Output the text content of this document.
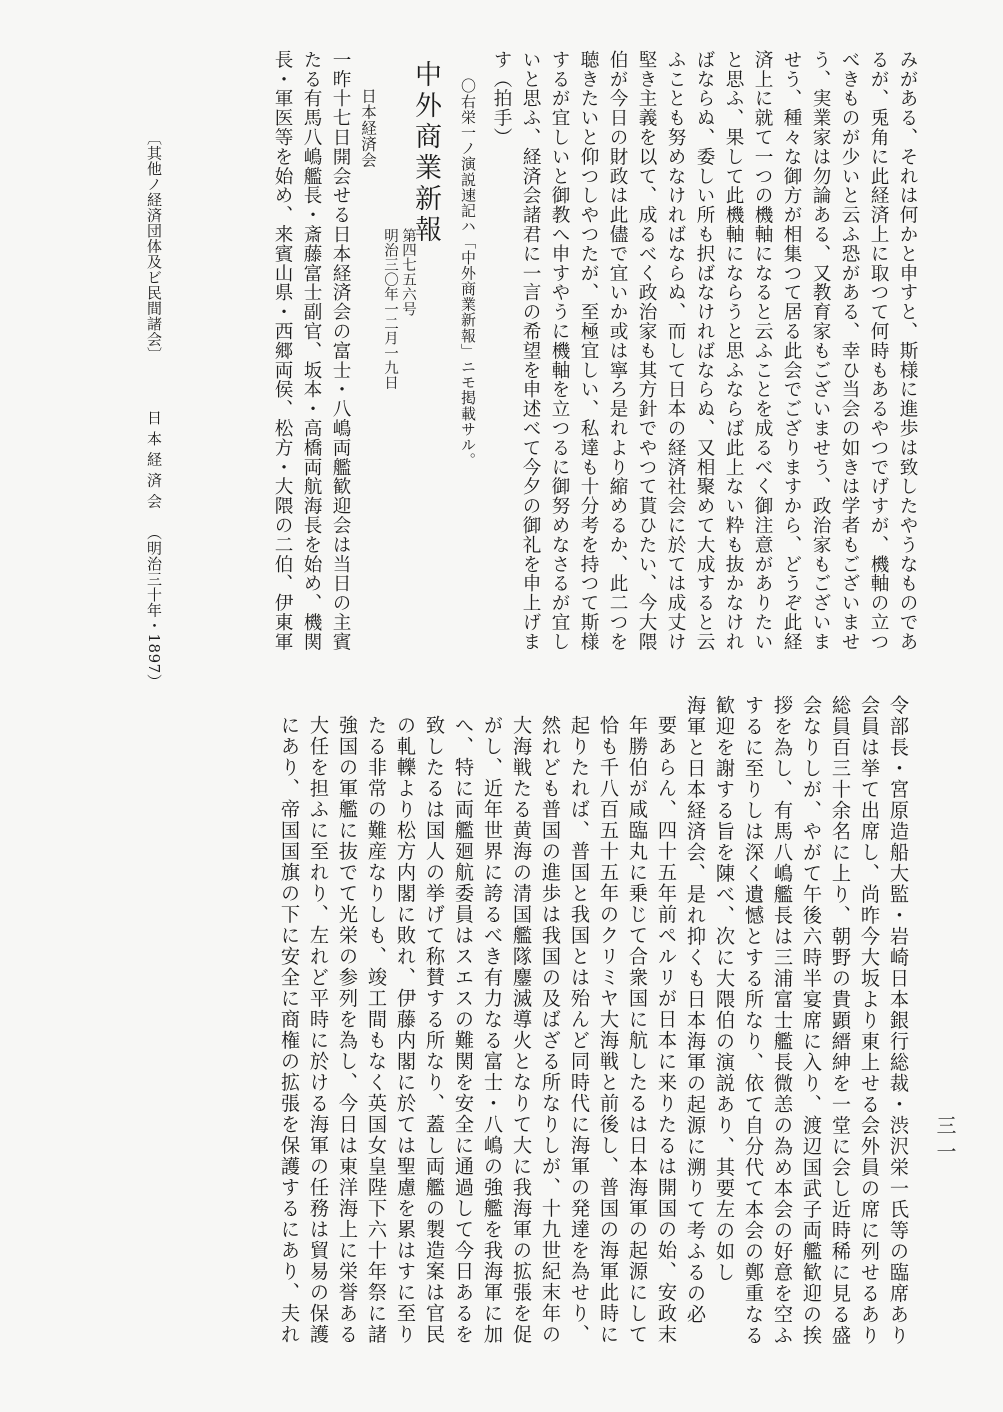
みがある、それは何かと申すと、斯様に進歩は致したやうなものであ
るが、兎角に此経済上に取つて何時もあるやつでげすが、機軸の立つ
べきものが少いと云ふ恐がある、幸ひ当会の如きは学者もございませ
う、実業家は勿論ある、又教育家もございませう、政治家もございま
せう、種々な御方が相集つて居る此会でござりますから、どうぞ此経
済上に就て一つの機軸になると云ふことを成るべく御注意がありたい
と思ふ、果して此機軸にならうと思ふならば此上ない粋も抜かなけれ
ばならぬ、委しい所も択ばなければならぬ、又相聚めて大成すると云
ふことも努めなければならぬ、而して日本の経済社会に於ては成丈け
堅き主義を以て、成るべく政治家も其方針でやつて貰ひたい、今大隈
伯が今日の財政は此儘で宜いか或は寧ろ是れより縮めるか、此二つを
聴きたいと仰つしやつたが、至極宜しい、私達も十分考を持つて斯様
するが宜しいと御教へ申すやうに機軸を立つるに御努めなさるが宜し
いと思ふ、経済会諸君に一言の希望を申述べて今夕の御礼を申上げま
す（拍手）
〇右栄一ノ演説速記ハ「中外商業新報」ニモ掲載サル。
中外商業新報
第四七五六号
明治三〇年一二月一九日
日本経済会
一昨十七日開会せる日本経済会の富士・八嶋両艦歓迎会は当日の主賓
たる有馬八嶋艦長・斎藤富士副官、坂本・高橋両航海長を始め、機関
長・軍医等を始め、来賓山県・西郷両侯、松方・大隈の二伯、伊東軍
〔其他ノ経済団体及ビ民間諸会〕
日 本 経 済 会
（明治三十年・1897）
令部長・宮原造船大監・岩崎日本銀行総裁・渋沢栄一氏等の臨席あり
会員は挙て出席し、尚昨今大坂より東上せる会外員の席に列せるあり
総員百三十余名に上り、朝野の貴顕縉紳を一堂に会し近時稀に見る盛
会なりしが、やがて午後六時半宴席に入り、渡辺国武子両艦歓迎の挨
拶を為し、有馬八嶋艦長は三浦富士艦長微恙の為め本会の好意を空ふ
するに至りしは深く遺憾とする所なり、依て自分代て本会の鄭重なる
歓迎を謝する旨を陳べ、次に大隈伯の演説あり、其要左の如し
海軍と日本経済会、是れ抑くも日本海軍の起源に溯りて考ふるの必
要あらん、四十五年前ペルリが日本に来りたるは開国の始、安政末
年勝伯が咸臨丸に乗じて合衆国に航したるは日本海軍の起源にして
恰も千八百五十五年のクリミヤ大海戦と前後し、普国の海軍此時に
起りたれば、普国と我国とは殆んど同時代に海軍の発達を為せり、
然れども普国の進歩は我国の及ばざる所なりしが、十九世紀末年の
大海戦たる黄海の清国艦隊鏖滅導火となりて大に我海軍の拡張を促
がし、近年世界に誇るべき有力なる富士・八嶋の強艦を我海軍に加
へ、特に両艦廻航委員はスエスの難関を安全に通過して今日あるを
致したるは国人の挙げて称賛する所なり、蓋し両艦の製造案は官民
の軋轢より松方内閣に敗れ、伊藤内閣に於ては聖慮を累はすに至り
たる非常の難産なりしも、竣工間もなく英国女皇陛下六十年祭に諸
強国の軍艦に抜でて光栄の参列を為し、今日は東洋海上に栄誉ある
大任を担ふに至れり、左れど平時に於ける海軍の任務は貿易の保護
にあり、帝国国旗の下に安全に商権の拡張を保護するにあり、夫れ	三一
